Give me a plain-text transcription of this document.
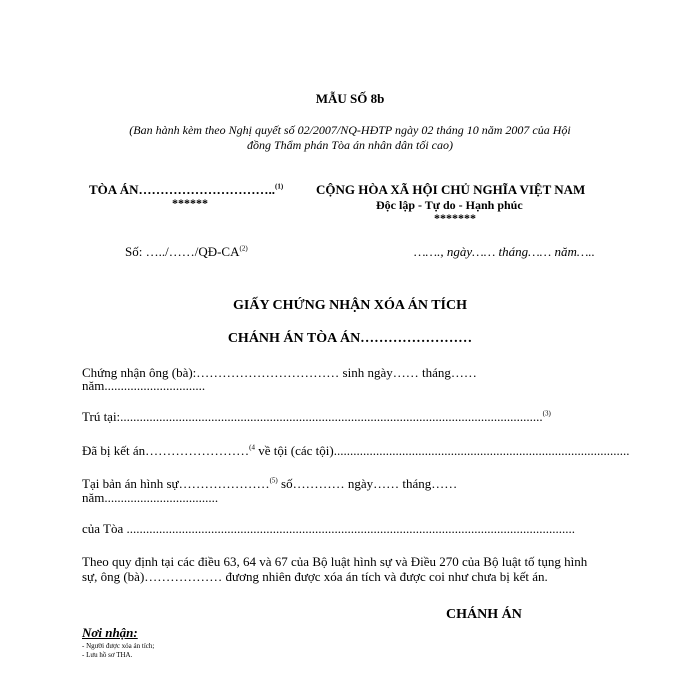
MẪU SỐ 8b
(Ban hành kèm theo Nghị quyết số 02/2007/NQ-HĐTP ngày 02 tháng 10 năm 2007 của Hội
đồng Thẩm phán Tòa án nhân dân tối cao)
TÒA ÁN…………………………..$^{(1)}$
******
CỘNG HÒA XÃ HỘI CHỦ NGHĨA VIỆT NAM
Độc lập - Tự do - Hạnh phúc
*******
Số: …../……/QĐ-CA$^{(2)}$	……., ngày…… tháng…… năm…..
GIẤY CHỨNG NHẬN XÓA ÁN TÍCH
CHÁNH ÁN TÒA ÁN……………………
Chứng nhận ông (bà):…………………………… sinh ngày…… tháng……
năm...............................
Trú tại:..................................................................................................................................$^{(3)}$
Đã bị kết án……………………$^{(4}$ về tội (các tội)...........................................................................................
Tại bản án hình sự…………………$^{(5)}$ số………… ngày…… tháng……
năm...................................
của Tòa ..........................................................................................................................................
Theo quy định tại các điều 63, 64 và 67 của Bộ luật hình sự và Điều 270 của Bộ luật tố tụng hình
sự, ông (bà)……………… đương nhiên được xóa án tích và được coi như chưa bị kết án.
CHÁNH ÁN
Nơi nhận:
- Người được xóa án tích;
- Lưu hồ sơ THA.
